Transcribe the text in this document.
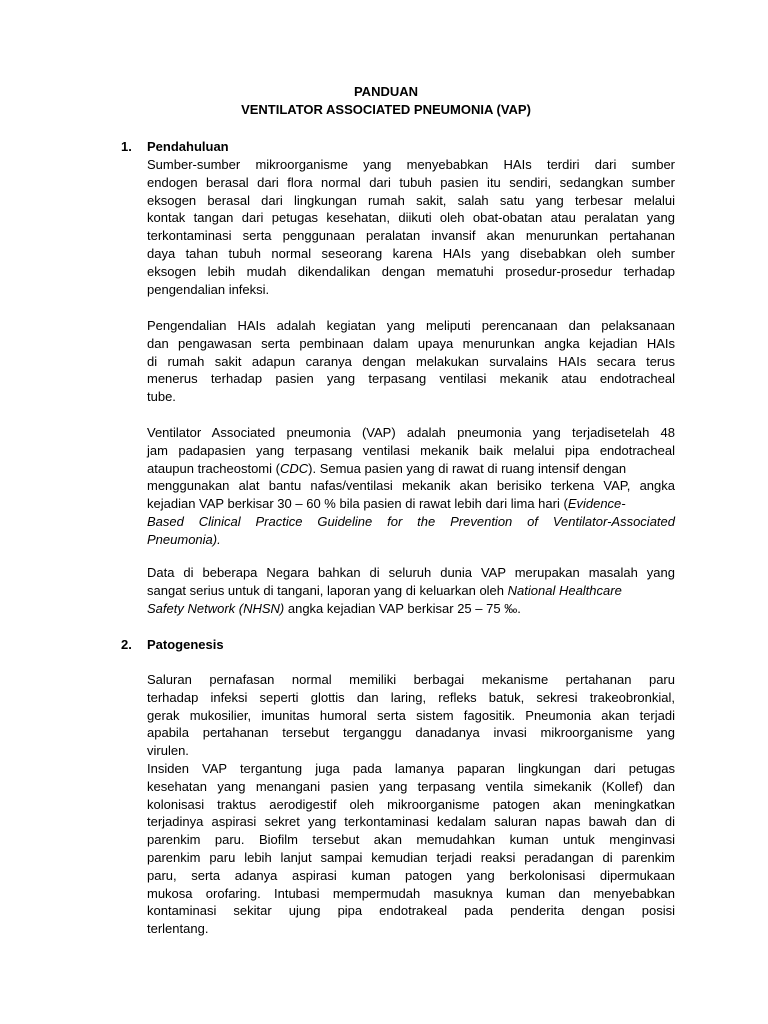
PANDUAN
VENTILATOR ASSOCIATED PNEUMONIA (VAP)
1. Pendahuluan
Sumber-sumber mikroorganisme yang menyebabkan HAIs terdiri dari sumber
endogen berasal dari flora normal dari tubuh pasien itu sendiri, sedangkan sumber
eksogen berasal dari lingkungan rumah sakit, salah satu yang terbesar melalui
kontak tangan dari petugas kesehatan, diikuti oleh obat-obatan atau peralatan yang
terkontaminasi serta penggunaan peralatan invansif akan menurunkan pertahanan
daya tahan tubuh normal seseorang karena HAIs yang disebabkan oleh sumber
eksogen lebih mudah dikendalikan dengan mematuhi prosedur-prosedur terhadap
pengendalian infeksi.
Pengendalian HAIs adalah kegiatan yang meliputi perencanaan dan pelaksanaan
dan pengawasan serta pembinaan dalam upaya menurunkan angka kejadian HAIs
di rumah sakit adapun caranya dengan melakukan survalains HAIs secara terus
menerus terhadap pasien yang terpasang ventilasi mekanik atau endotracheal
tube.
Ventilator Associated pneumonia (VAP) adalah pneumonia yang terjadisetelah 48
jam padapasien yang terpasang ventilasi mekanik baik melalui pipa endotracheal
ataupun tracheostomi (CDC). Semua pasien yang di rawat di ruang intensif dengan
menggunakan alat bantu nafas/ventilasi mekanik akan berisiko terkena VAP, angka
kejadian VAP berkisar 30 – 60 % bila pasien di rawat lebih dari lima hari (Evidence-
Based Clinical Practice Guideline for the Prevention of Ventilator-Associated
Pneumonia).
Data di beberapa Negara bahkan di seluruh dunia VAP merupakan masalah yang
sangat serius untuk di tangani, laporan yang di keluarkan oleh National Healthcare
Safety Network (NHSN) angka kejadian VAP berkisar 25 – 75 ‰.
2. Patogenesis
Saluran pernafasan normal memiliki berbagai mekanisme pertahanan paru
terhadap infeksi seperti glottis dan laring, refleks batuk, sekresi trakeobronkial,
gerak mukosilier, imunitas humoral serta sistem fagositik. Pneumonia akan terjadi
apabila pertahanan tersebut terganggu danadanya invasi mikroorganisme yang
virulen.
Insiden VAP tergantung juga pada lamanya paparan lingkungan dari petugas
kesehatan yang menangani pasien yang terpasang ventila simekanik (Kollef) dan
kolonisasi traktus aerodigestif oleh mikroorganisme patogen akan meningkatkan
terjadinya aspirasi sekret yang terkontaminasi kedalam saluran napas bawah dan di
parenkim paru. Biofilm tersebut akan memudahkan kuman untuk menginvasi
parenkim paru lebih lanjut sampai kemudian terjadi reaksi peradangan di parenkim
paru, serta adanya aspirasi kuman patogen yang berkolonisasi dipermukaan
mukosa orofaring. Intubasi mempermudah masuknya kuman dan menyebabkan
kontaminasi sekitar ujung pipa endotrakeal pada penderita dengan posisi
terlentang.
